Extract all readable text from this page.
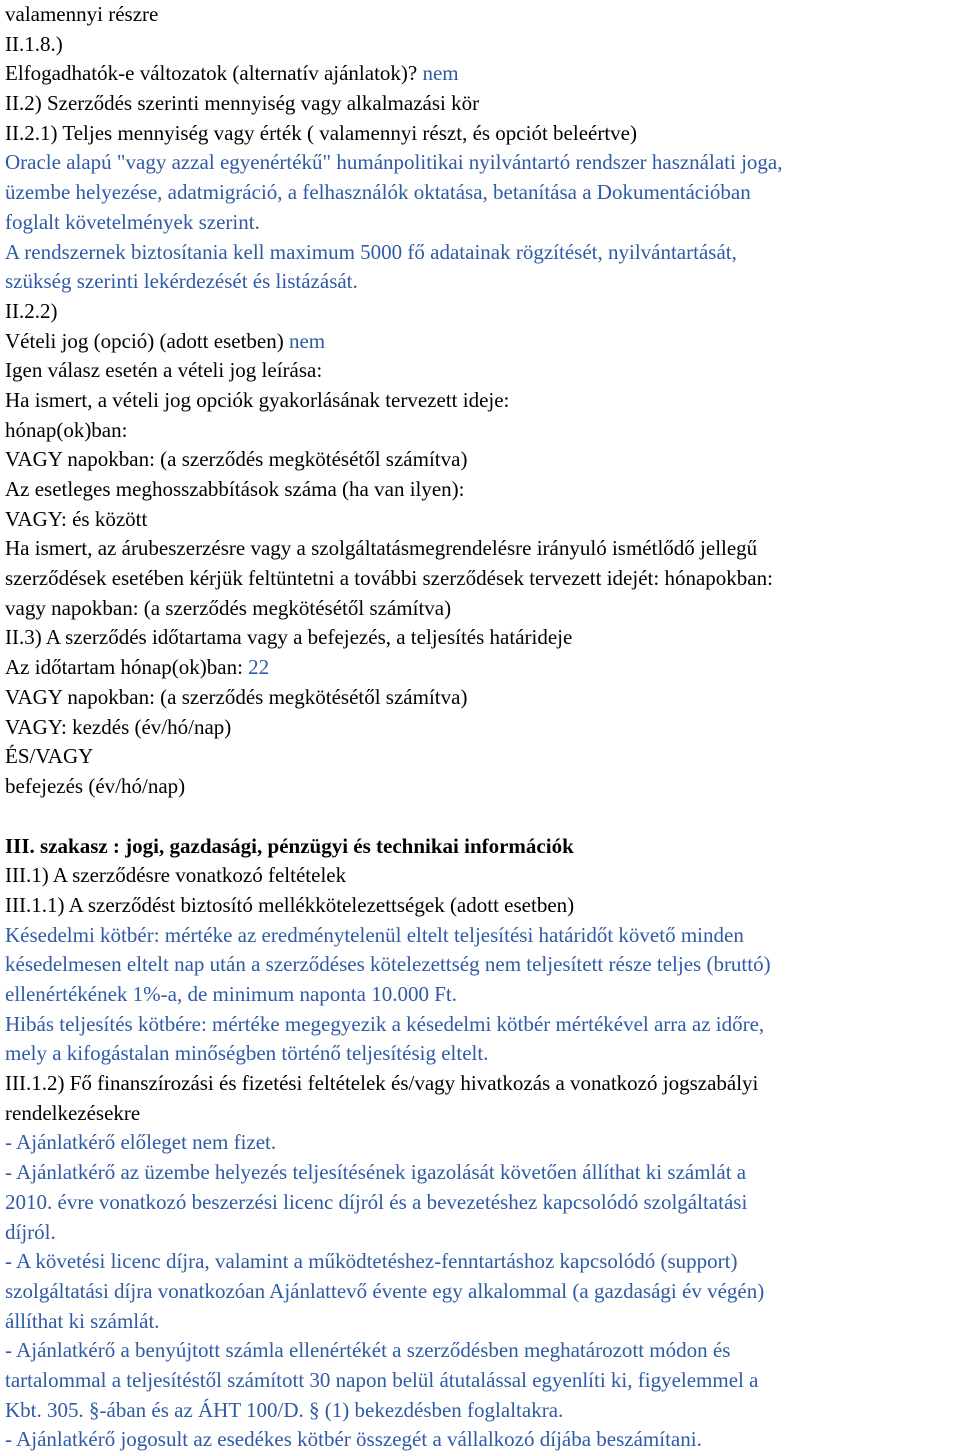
valamennyi részre
II.1.8.)
Elfogadhatók-e változatok (alternatív ajánlatok)? nem
II.2) Szerződés szerinti mennyiség vagy alkalmazási kör
II.2.1) Teljes mennyiség vagy érték ( valamennyi részt, és opciót beleértve)
Oracle alapú "vagy azzal egyenértékű" humánpolitikai nyilvántartó rendszer használati joga,
üzembe helyezése, adatmigráció, a felhasználók oktatása, betanítása a Dokumentációban
foglalt követelmények szerint.
A rendszernek biztosítania kell maximum 5000 fő adatainak rögzítését, nyilvántartását,
szükség szerinti lekérdezését és listázását.
II.2.2)
Vételi jog (opció) (adott esetben) nem
Igen válasz esetén a vételi jog leírása:
Ha ismert, a vételi jog opciók gyakorlásának tervezett ideje:
hónap(ok)ban:
VAGY napokban: (a szerződés megkötésétől számítva)
Az esetleges meghosszabbítások száma (ha van ilyen):
VAGY: és között
Ha ismert, az árubeszerzésre vagy a szolgáltatásmegrendelésre irányuló ismétlődő jellegű
szerződések esetében kérjük feltüntetni a további szerződések tervezett idejét: hónapokban:
vagy napokban: (a szerződés megkötésétől számítva)
II.3) A szerződés időtartama vagy a befejezés, a teljesítés határideje
Az időtartam hónap(ok)ban: 22
VAGY napokban: (a szerződés megkötésétől számítva)
VAGY: kezdés (év/hó/nap)
ÉS/VAGY
befejezés (év/hó/nap)
III. szakasz : jogi, gazdasági, pénzügyi és technikai információk
III.1) A szerződésre vonatkozó feltételek
III.1.1) A szerződést biztosító mellékkötelezettségek (adott esetben)
Késedelmi kötbér: mértéke az eredménytelenül eltelt teljesítési határidőt követő minden
késedelmesen eltelt nap után a szerződéses kötelezettség nem teljesített része teljes (bruttó)
ellenértékének 1%-a, de minimum naponta 10.000 Ft.
Hibás teljesítés kötbére: mértéke megegyezik a késedelmi kötbér mértékével arra az időre,
mely a kifogástalan minőségben történő teljesítésig eltelt.
III.1.2) Fő finanszírozási és fizetési feltételek és/vagy hivatkozás a vonatkozó jogszabályi
rendelkezésekre
- Ajánlatkérő előleget nem fizet.
- Ajánlatkérő az üzembe helyezés teljesítésének igazolását követően állíthat ki számlát a
2010. évre vonatkozó beszerzési licenc díjról és a bevezetéshez kapcsolódó szolgáltatási
díjról.
- A követési licenc díjra, valamint a működtetéshez-fenntartáshoz kapcsolódó (support)
szolgáltatási díjra vonatkozóan Ajánlattevő évente egy alkalommal (a gazdasági év végén)
állíthat ki számlát.
- Ajánlatkérő a benyújtott számla ellenértékét a szerződésben meghatározott módon és
tartalommal a teljesítéstől számított 30 napon belül átutalással egyenlíti ki, figyelemmel a
Kbt. 305. §-ában és az ÁHT 100/D. § (1) bekezdésben foglaltakra.
- Ajánlatkérő jogosult az esedékes kötbér összegét a vállalkozó díjába beszámítani.
